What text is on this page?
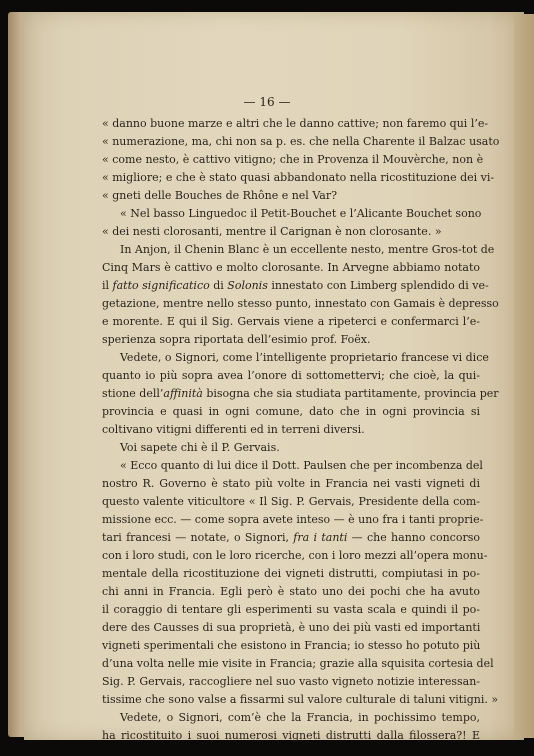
— 16 —
« danno buone marze e altri che le danno cattive; non faremo qui l’e-
« numerazione, ma, chi non sa p. es. che nella Charente il Balzac usato
« come nesto, è cattivo vitigno; che in Provenza il Mouvèrche, non è
« migliore; e che è stato quasi abbandonato nella ricostituzione dei vi-
« gneti delle Bouches de Rhône e nel Var?
« Nel basso Linguedoc il Petit-Bouchet e l’Alicante Bouchet sono
« dei nesti clorosanti, mentre il Carignan è non clorosante. »
In Anjon, il Chenin Blanc è un eccellente nesto, mentre Gros-tot de
Cinq Mars è cattivo e molto clorosante. In Arvegne abbiamo notato
il fatto significatico di Solonis innestato con Limberg splendido di ve-
getazione, mentre nello stesso punto, innestato con Gamais è depresso
e morente. E qui il Sig. Gervais viene a ripeterci e confermarci l’e-
sperienza sopra riportata dell’esimio prof. Foëx.
Vedete, o Signori, come l’intelligente proprietario francese vi dice
quanto io più sopra avea l’onore di sottomettervi; che cioè, la qui-
stione dell’affinità bisogna che sia studiata partitamente, provincia per
provincia e quasi in ogni comune, dato che in ogni provincia si
coltivano vitigni differenti ed in terreni diversi.
Voi sapete chi è il P. Gervais.
« Ecco quanto di lui dice il Dott. Paulsen che per incombenza del
nostro R. Governo è stato più volte in Francia nei vasti vigneti di
questo valente viticultore « Il Sig. P. Gervais, Presidente della com-
missione ecc. — come sopra avete inteso — è uno fra i tanti proprie-
tari francesi — notate, o Signori, fra i tanti — che hanno concorso
con i loro studi, con le loro ricerche, con i loro mezzi all’opera monu-
mentale della ricostituzione dei vigneti distrutti, compiutasi in po-
chi anni in Francia. Egli però è stato uno dei pochi che ha avuto
il coraggio di tentare gli esperimenti su vasta scala e quindi il po-
dere des Causses di sua proprietà, è uno dei più vasti ed importanti
vigneti sperimentali che esistono in Francia; io stesso ho potuto più
d’una volta nelle mie visite in Francia; grazie alla squisita cortesia del
Sig. P. Gervais, raccogliere nel suo vasto vigneto notizie interessan-
tissime che sono valse a fissarmi sul valore culturale di taluni vitigni. »
Vedete, o Signori, com’è che la Francia, in pochissimo tempo,
ha ricostituito i suoi numerosi vigneti distrutti dalla filossera?! E
